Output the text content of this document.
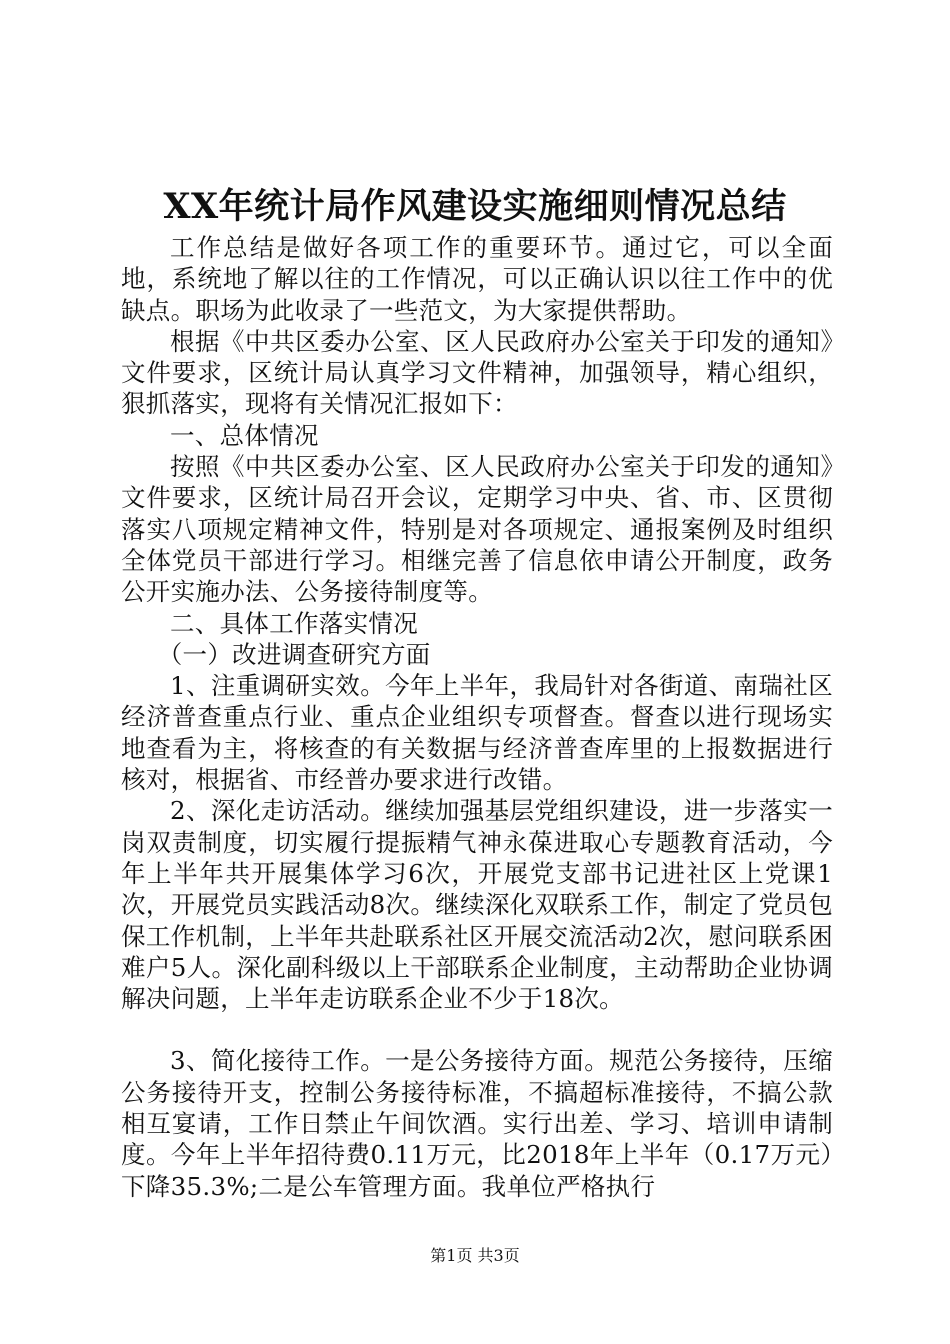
XX年统计局作风建设实施细则情况总结

工作总结是做好各项工作的重要环节。通过它，可以全面地，系统地了解以往的工作情况，可以正确认识以往工作中的优缺点。职场为此收录了一些范文，为大家提供帮助。

根据《中共区委办公室、区人民政府办公室关于印发的通知》文件要求，区统计局认真学习文件精神，加强领导，精心组织，狠抓落实，现将有关情况汇报如下：

一、总体情况

按照《中共区委办公室、区人民政府办公室关于印发的通知》文件要求，区统计局召开会议，定期学习中央、省、市、区贯彻落实八项规定精神文件，特别是对各项规定、通报案例及时组织全体党员干部进行学习。相继完善了信息依申请公开制度，政务公开实施办法、公务接待制度等。

二、具体工作落实情况

（一）改进调查研究方面

1、注重调研实效。今年上半年，我局针对各街道、南瑞社区经济普查重点行业、重点企业组织专项督查。督查以进行现场实地查看为主，将核查的有关数据与经济普查库里的上报数据进行核对，根据省、市经普办要求进行改错。

2、深化走访活动。继续加强基层党组织建设，进一步落实一岗双责制度，切实履行提振精气神永葆进取心专题教育活动，今年上半年共开展集体学习6次，开展党支部书记进社区上党课1次，开展党员实践活动8次。继续深化双联系工作，制定了党员包保工作机制，上半年共赴联系社区开展交流活动2次，慰问联系困难户5人。深化副科级以上干部联系企业制度，主动帮助企业协调解决问题，上半年走访联系企业不少于18次。

3、简化接待工作。一是公务接待方面。规范公务接待，压缩公务接待开支，控制公务接待标准，不搞超标准接待，不搞公款相互宴请，工作日禁止午间饮酒。实行出差、学习、培训申请制度。今年上半年招待费0.11万元，比2018年上半年（0.17万元）下降35.3%;二是公车管理方面。我单位严格执行

第1页 共3页
